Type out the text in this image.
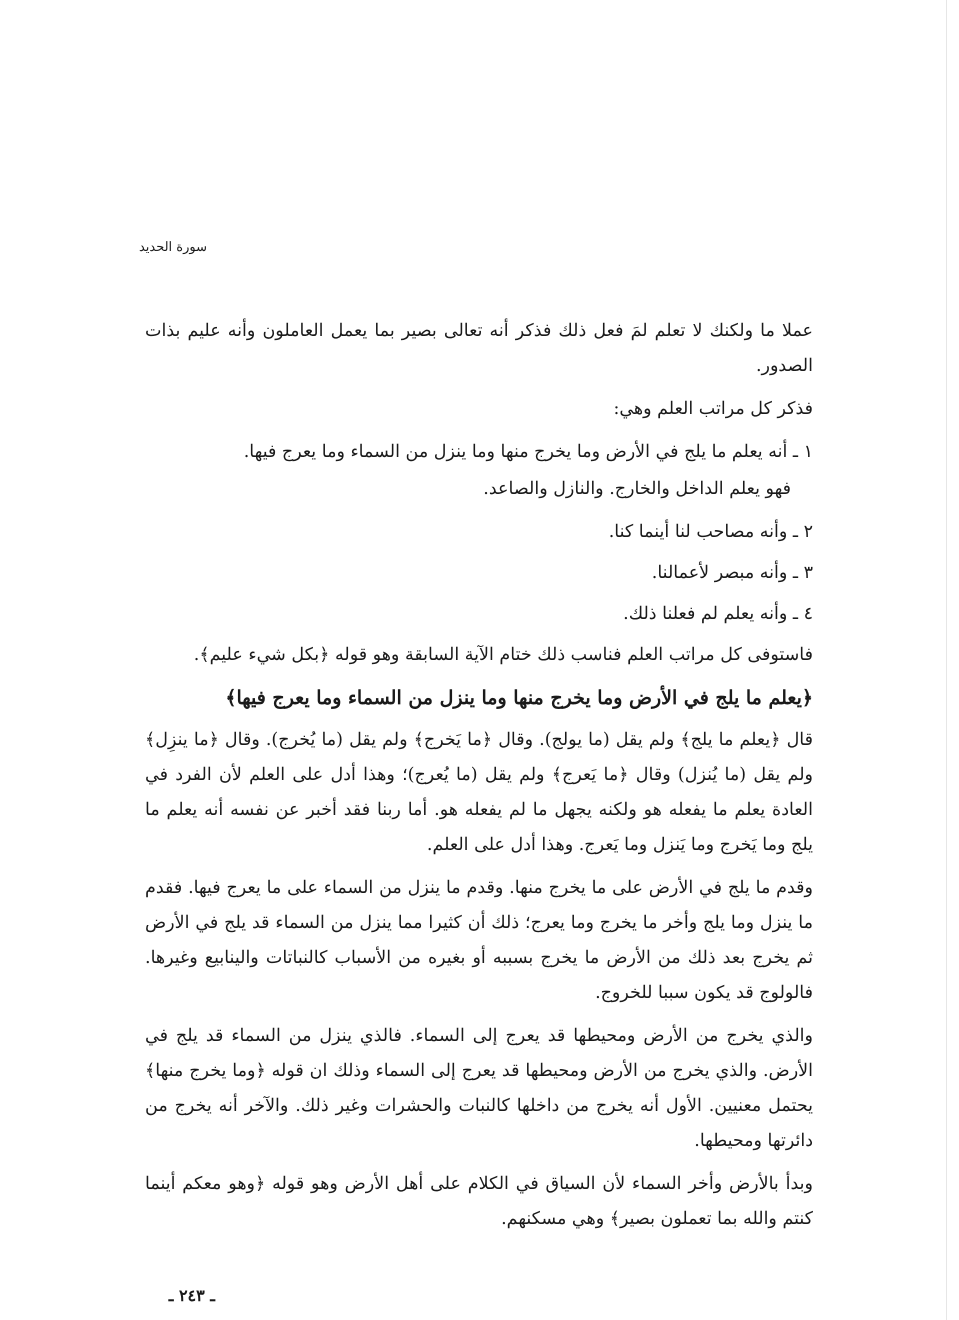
سورة الحديد

عملا ما ولكنك لا تعلم لمَ فعل ذلك فذكر أنه تعالى بصير بما يعمل العاملون وأنه عليم بذات الصدور.

فذكر كل مراتب العلم وهي:

١ ـ أنه يعلم ما يلج في الأرض وما يخرج منها وما ينزل من السماء وما يعرج فيها.

فهو يعلم الداخل والخارج. والنازل والصاعد.

٢ ـ وأنه مصاحب لنا أينما كنا.

٣ ـ وأنه مبصر لأعمالنا.

٤ ـ وأنه يعلم لم فعلنا ذلك.

فاستوفى كل مراتب العلم فناسب ذلك ختام الآية السابقة وهو قوله ﴿بكل شيء عليم﴾.

﴿يعلم ما يلج في الأرض وما يخرج منها وما ينزل من السماء وما يعرج فيها﴾

قال ﴿يعلم ما يلج﴾ ولم يقل (ما يولج). وقال ﴿ما يَخرج﴾ ولم يقل (ما يُخرج). وقال ﴿ما ينزِل﴾ ولم يقل (ما يُنزل) وقال ﴿ما يَعرج﴾ ولم يقل (ما يُعرج)؛ وهذا أدل على العلم لأن الفرد في العادة يعلم ما يفعله هو ولكنه يجهل ما لم يفعله هو. أما ربنا فقد أخبر عن نفسه أنه يعلم ما يلج وما يَخرج وما يَنزل وما يَعرج. وهذا أدل على العلم.

وقدم ما يلج في الأرض على ما يخرج منها. وقدم ما ينزل من السماء على ما يعرج فيها. فقدم ما ينزل وما يلج وأخر ما يخرج وما يعرج؛ ذلك أن كثيرا مما ينزل من السماء قد يلج في الأرض ثم يخرج بعد ذلك من الأرض ما يخرج بسببه أو بغيره من الأسباب كالنباتات والينابيع وغيرها. فالولوج قد يكون سببا للخروج.

والذي يخرج من الأرض ومحيطها قد يعرج إلى السماء. فالذي ينزل من السماء قد يلج في الأرض. والذي يخرج من الأرض ومحيطها قد يعرج إلى السماء وذلك ان قوله ﴿وما يخرج منها﴾ يحتمل معنيين. الأول أنه يخرج من داخلها كالنبات والحشرات وغير ذلك. والآخر أنه يخرج من دائرتها ومحيطها.

وبدأ بالأرض وأخر السماء لأن السياق في الكلام على أهل الأرض وهو قوله ﴿وهو معكم أينما كنتم والله بما تعملون بصير﴾ وهي مسكنهم.

ـ ٢٤٣ ـ
